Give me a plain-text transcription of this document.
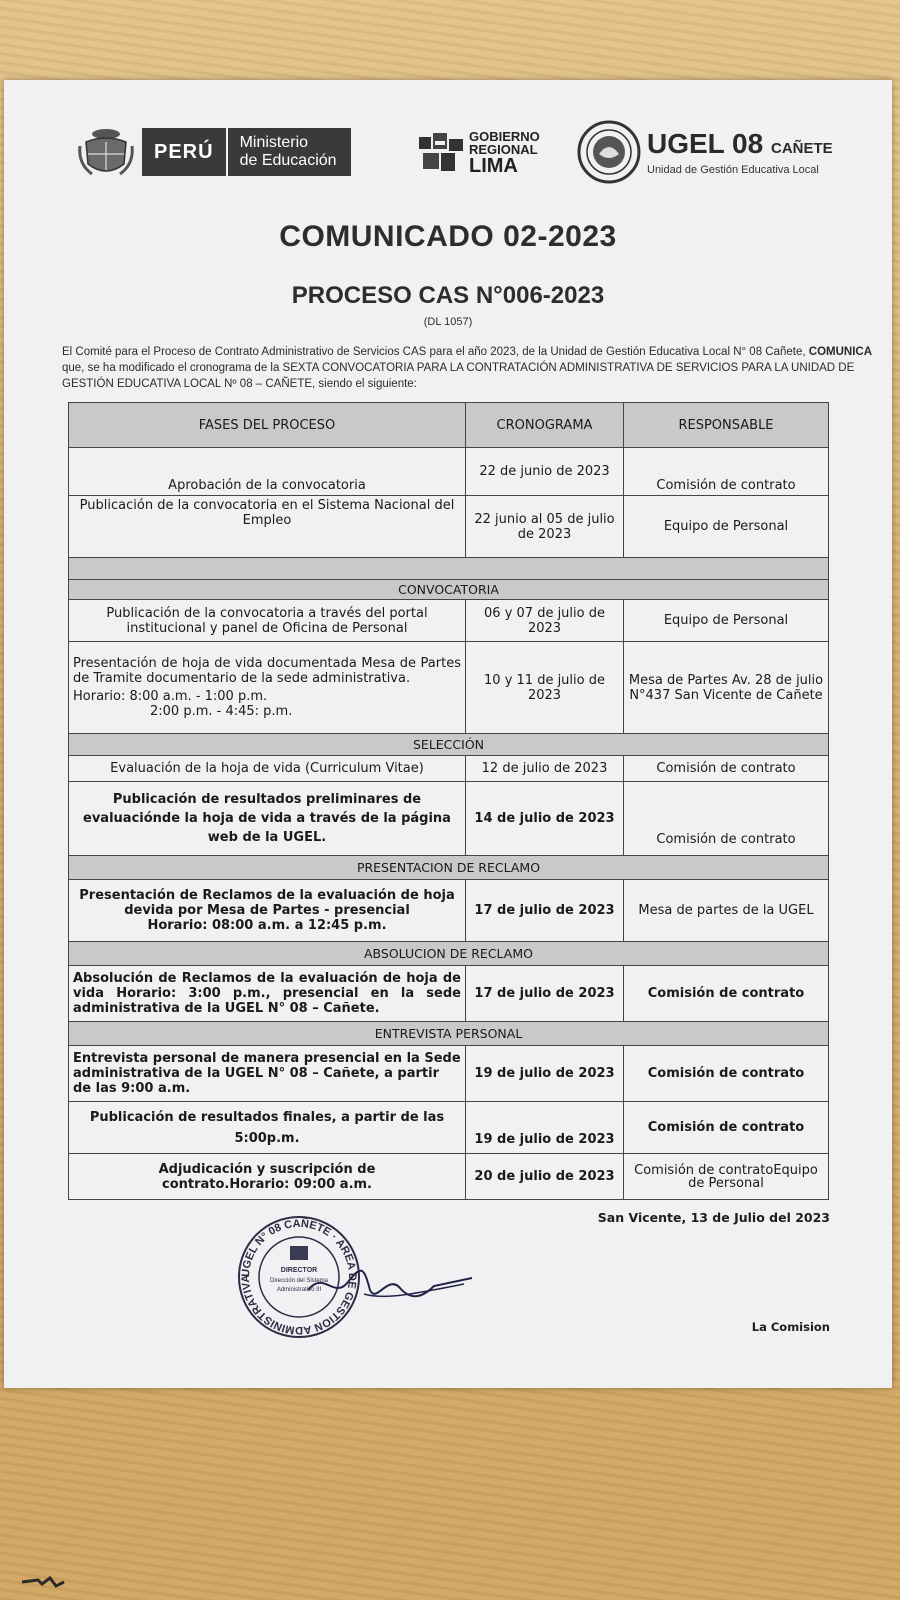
PERÚ	Ministerio
de Educación
GOBIERNO
REGIONAL
LIMA
UGEL 08 CAÑETE
Unidad de Gestión Educativa Local
COMUNICADO 02-2023
PROCESO CAS N°006-2023
(DL 1057)
El Comité para el Proceso de Contrato Administrativo de Servicios CAS para el año 2023, de la Unidad de Gestión Educativa Local N° 08 Cañete, COMUNICA que, se ha modificado el cronograma de la SEXTA CONVOCATORIA PARA LA CONTRATACIÓN ADMINISTRATIVA DE SERVICIOS PARA LA UNIDAD DE GESTIÓN EDUCATIVA LOCAL Nº 08 – CAÑETE, siendo el siguiente:
FASES DEL PROCESO	CRONOGRAMA	RESPONSABLE
Aprobación de la convocatoria	22 de junio de 2023	Comisión de contrato
Publicación de la convocatoria en el Sistema Nacional del Empleo	22 junio al 05 de julio de 2023	Equipo de Personal

CONVOCATORIA		
Publicación de la convocatoria a través del portal institucional y panel de Oficina de Personal	06 y 07 de julio de 2023	Equipo de Personal

Presentación de hoja de vida documentada Mesa de Partes de Tramite documentario de la sede administrativa.
Horario: 8:00 a.m. - 1:00 p.m.
2:00 p.m. - 4:45: p.m.	10 y 11 de julio de 2023	Mesa de Partes Av. 28 de julio N°437 San Vicente de Cañete
SELECCIÓN		
Evaluación de la hoja de vida (Curriculum Vitae)	12 de julio de 2023	Comisión de contrato
Publicación de resultados preliminares de evaluaciónde la hoja de vida a través de la página web de la UGEL.	14 de julio de 2023	Comisión de contrato
PRESENTACION DE RECLAMO		

Presentación de Reclamos de la evaluación de hoja devida por Mesa de Partes - presencial
Horario: 08:00 a.m. a 12:45 p.m.	17 de julio de 2023	Mesa de partes de la UGEL
ABSOLUCION DE RECLAMO		
Absolución de Reclamos de la evaluación de hoja de vida Horario: 3:00 p.m., presencial en la sede administrativa de la UGEL N° 08 – Cañete.	17 de julio de 2023	Comisión de contrato
ENTREVISTA PERSONAL		
Entrevista personal de manera presencial en la Sede administrativa de la UGEL N° 08 – Cañete, a partir de las 9:00 a.m.	19 de julio de 2023	Comisión de contrato
Publicación de resultados finales, a partir de las 5:00p.m.	19 de julio de 2023	Comisión de contrato
Adjudicación y suscripción de contrato.Horario: 09:00 a.m.	20 de julio de 2023	Comisión de contratoEquipo de Personal
San Vicente, 13 de Julio del 2023
UGEL N° 08 CAÑETE · AREA DE GESTION ADMINISTRATIVA
DIRECTOR
Dirección del Sistema
Administrativo III
La Comision
